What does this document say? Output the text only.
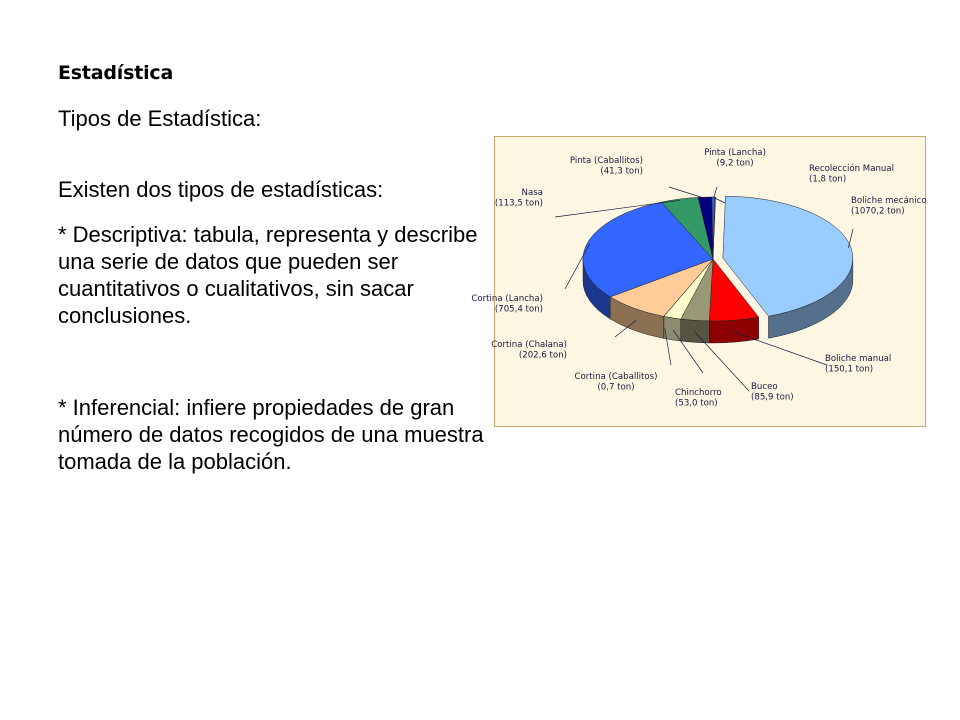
Estadística
Tipos de Estadística:
Existen dos tipos de estadísticas:
* Descriptiva: tabula, representa y describe una serie de datos que pueden ser cuantitativos o cualitativos, sin sacar conclusiones.
* Inferencial: infiere propiedades de gran número de datos recogidos de una muestra tomada de la población.
Boliche mecánico (1070,2 ton)
Boliche manual (150,1 ton)
Buceo (85,9 ton)
Chinchorro (53,0 ton)
Cortina (Caballitos) (0,7 ton)
Cortina (Chalana) (202,6 ton)
Cortina (Lancha) (705,4 ton)
Nasa (113,5 ton)
Pinta (Caballitos) (41,3 ton)
Pinta (Lancha) (9,2 ton)
Recolección Manual (1,8 ton)
